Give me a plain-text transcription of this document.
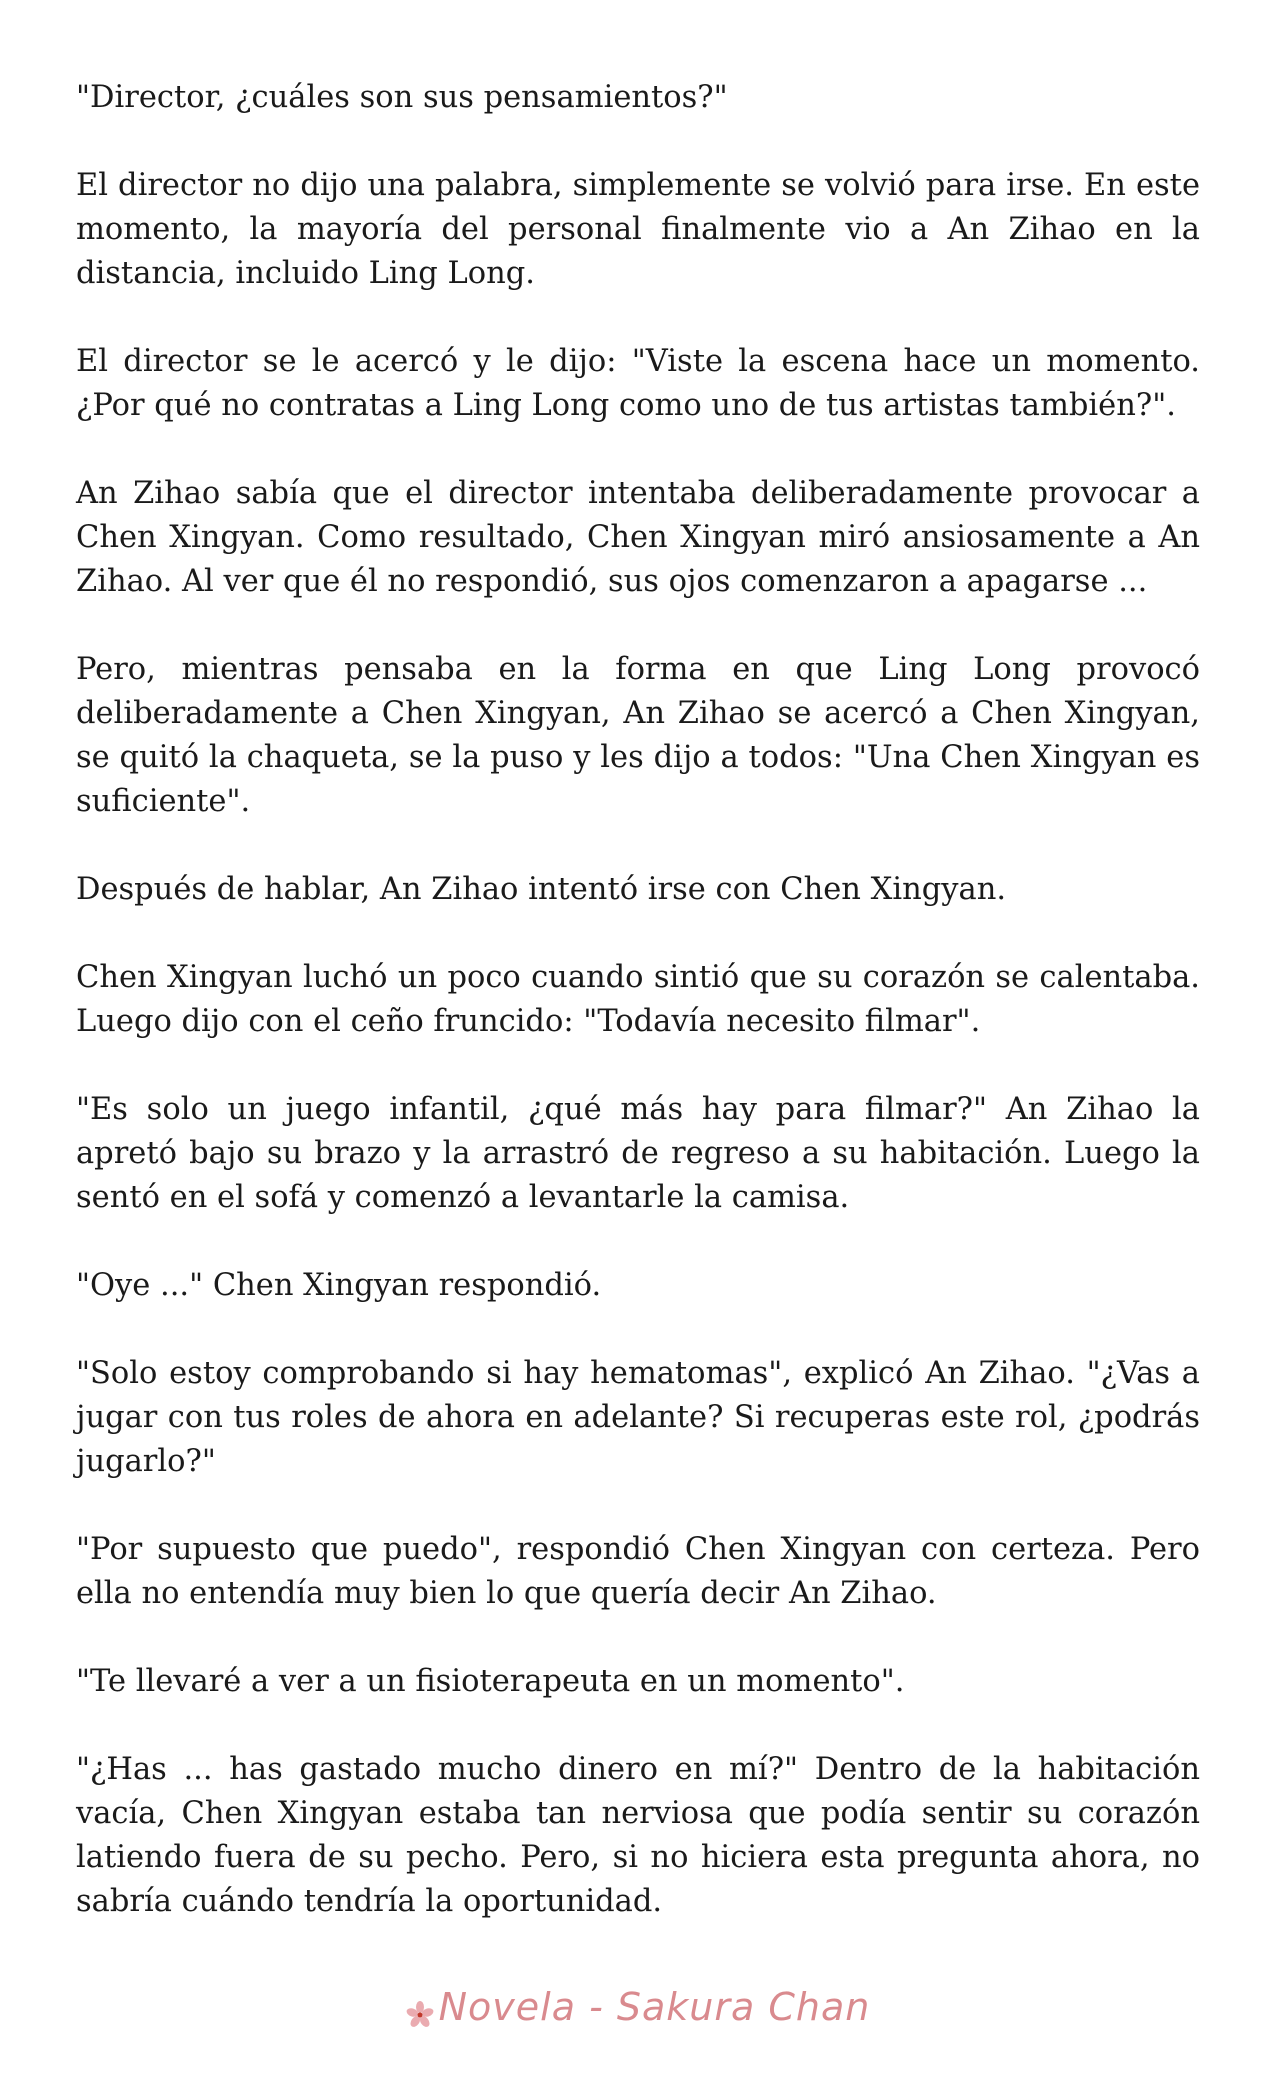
"Director, ¿cuáles son sus pensamientos?"

El director no dijo una palabra, simplemente se volvió para irse. En este momento, la mayoría del personal finalmente vio a An Zihao en la distancia, incluido Ling Long.

El director se le acercó y le dijo: "Viste la escena hace un momento. ¿Por qué no contratas a Ling Long como uno de tus artistas también?".

An Zihao sabía que el director intentaba deliberadamente provocar a Chen Xingyan. Como resultado, Chen Xingyan miró ansiosamente a An Zihao. Al ver que él no respondió, sus ojos comenzaron a apagarse ...

Pero, mientras pensaba en la forma en que Ling Long provocó deliberadamente a Chen Xingyan, An Zihao se acercó a Chen Xingyan, se quitó la chaqueta, se la puso y les dijo a todos: "Una Chen Xingyan es suficiente".

Después de hablar, An Zihao intentó irse con Chen Xingyan.

Chen Xingyan luchó un poco cuando sintió que su corazón se calentaba. Luego dijo con el ceño fruncido: "Todavía necesito filmar".

"Es solo un juego infantil, ¿qué más hay para filmar?" An Zihao la apretó bajo su brazo y la arrastró de regreso a su habitación. Luego la sentó en el sofá y comenzó a levantarle la camisa.

"Oye ..." Chen Xingyan respondió.

"Solo estoy comprobando si hay hematomas", explicó An Zihao. "¿Vas a jugar con tus roles de ahora en adelante? Si recuperas este rol, ¿podrás jugarlo?"

"Por supuesto que puedo", respondió Chen Xingyan con certeza. Pero ella no entendía muy bien lo que quería decir An Zihao.

"Te llevaré a ver a un fisioterapeuta en un momento".

"¿Has ... has gastado mucho dinero en mí?" Dentro de la habitación vacía, Chen Xingyan estaba tan nerviosa que podía sentir su corazón latiendo fuera de su pecho. Pero, si no hiciera esta pregunta ahora, no sabría cuándo tendría la oportunidad.

Novela - Sakura Chan
